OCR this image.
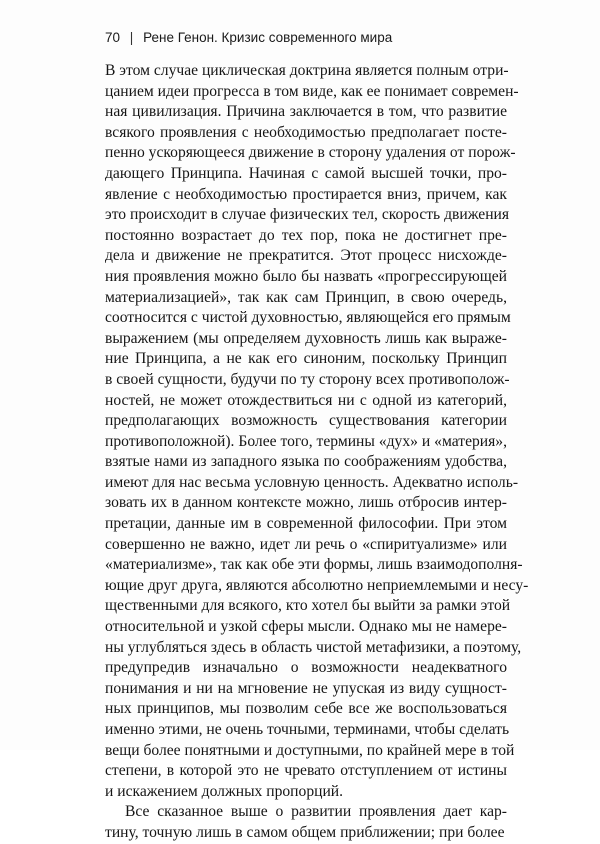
70 | Рене Генон. Кризис современного мира
В этом случае циклическая доктрина является полным отри-
цанием идеи прогресса в том виде, как ее понимает современ-
ная цивилизация. Причина заключается в том, что развитие
всякого проявления с необходимостью предполагает посте-
пенно ускоряющееся движение в сторону удаления от порож-
дающего Принципа. Начиная с самой высшей точки, про-
явление с необходимостью простирается вниз, причем, как
это происходит в случае физических тел, скорость движения
постоянно возрастает до тех пор, пока не достигнет пре-
дела и движение не прекратится. Этот процесс нисхожде-
ния проявления можно было бы назвать «прогрессирующей
материализацией», так как сам Принцип, в свою очередь,
соотносится с чистой духовностью, являющейся его прямым
выражением (мы определяем духовность лишь как выраже-
ние Принципа, а не как его синоним, поскольку Принцип
в своей сущности, будучи по ту сторону всех противополож-
ностей, не может отождествиться ни с одной из категорий,
предполагающих возможность существования категории
противоположной). Более того, термины «дух» и «материя»,
взятые нами из западного языка по соображениям удобства,
имеют для нас весьма условную ценность. Адекватно исполь-
зовать их в данном контексте можно, лишь отбросив интер-
претации, данные им в современной философии. При этом
совершенно не важно, идет ли речь о «спиритуализме» или
«материализме», так как обе эти формы, лишь взаимодополня-
ющие друг друга, являются абсолютно неприемлемыми и несу-
щественными для всякого, кто хотел бы выйти за рамки этой
относительной и узкой сферы мысли. Однако мы не намере-
ны углубляться здесь в область чистой метафизики, а поэтому,
предупредив изначально о возможности неадекватного
понимания и ни на мгновение не упуская из виду сущност-
ных принципов, мы позволим себе все же воспользоваться
именно этими, не очень точными, терминами, чтобы сделать
вещи более понятными и доступными, по крайней мере в той
степени, в которой это не чревато отступлением от истины
и искажением должных пропорций.
Все сказанное выше о развитии проявления дает кар-
тину, точную лишь в самом общем приближении; при более
